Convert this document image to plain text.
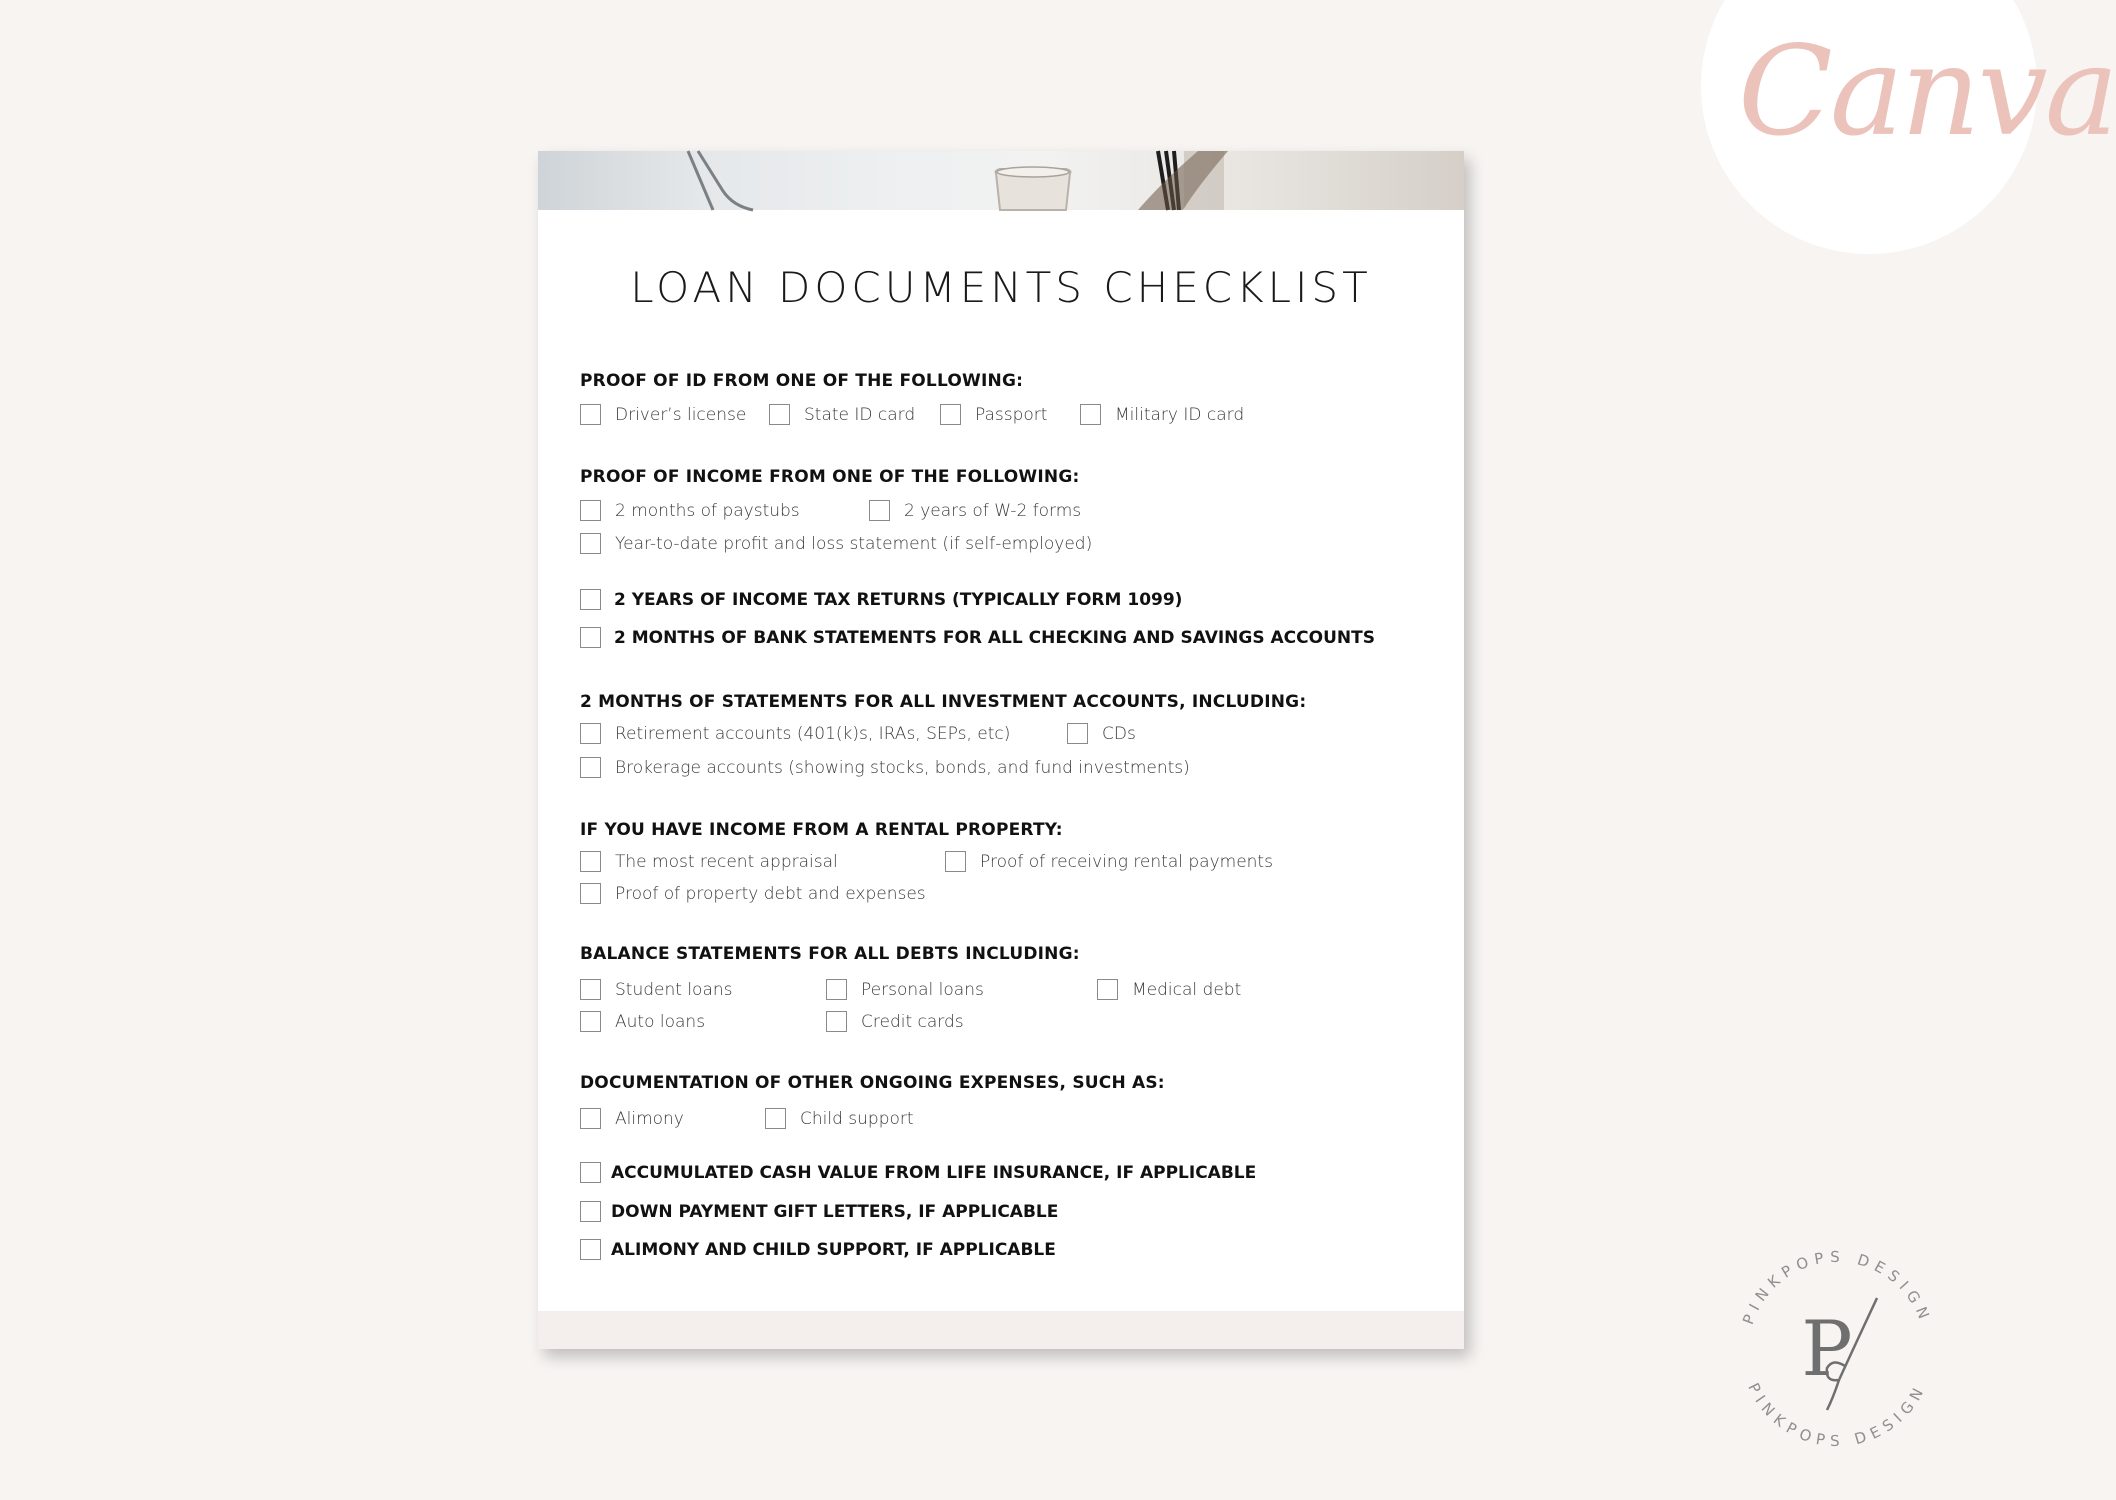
Canva
LOAN DOCUMENTS CHECKLIST
PROOF OF ID FROM ONE OF THE FOLLOWING:
Driver’s license	State ID card	Passport	Military ID card
PROOF OF INCOME FROM ONE OF THE FOLLOWING:
2 months of paystubs	2 years of W-2 forms
Year-to-date profit and loss statement (if self-employed)
2 YEARS OF INCOME TAX RETURNS (TYPICALLY FORM 1099)
2 MONTHS OF BANK STATEMENTS FOR ALL CHECKING AND SAVINGS ACCOUNTS
2 MONTHS OF STATEMENTS FOR ALL INVESTMENT ACCOUNTS, INCLUDING:
Retirement accounts (401(k)s, IRAs, SEPs, etc)	CDs
Brokerage accounts (showing stocks, bonds, and fund investments)
IF YOU HAVE INCOME FROM A RENTAL PROPERTY:
The most recent appraisal	Proof of receiving rental payments
Proof of property debt and expenses
BALANCE STATEMENTS FOR ALL DEBTS INCLUDING:
Student loans	Personal loans	Medical debt
Auto loans	Credit cards
DOCUMENTATION OF OTHER ONGOING EXPENSES, SUCH AS:
Alimony	Child support
ACCUMULATED CASH VALUE FROM LIFE INSURANCE, IF APPLICABLE
DOWN PAYMENT GIFT LETTERS, IF APPLICABLE
ALIMONY AND CHILD SUPPORT, IF APPLICABLE
PINKPOPS DESIGN
PINKPOPS DESIGN
P
